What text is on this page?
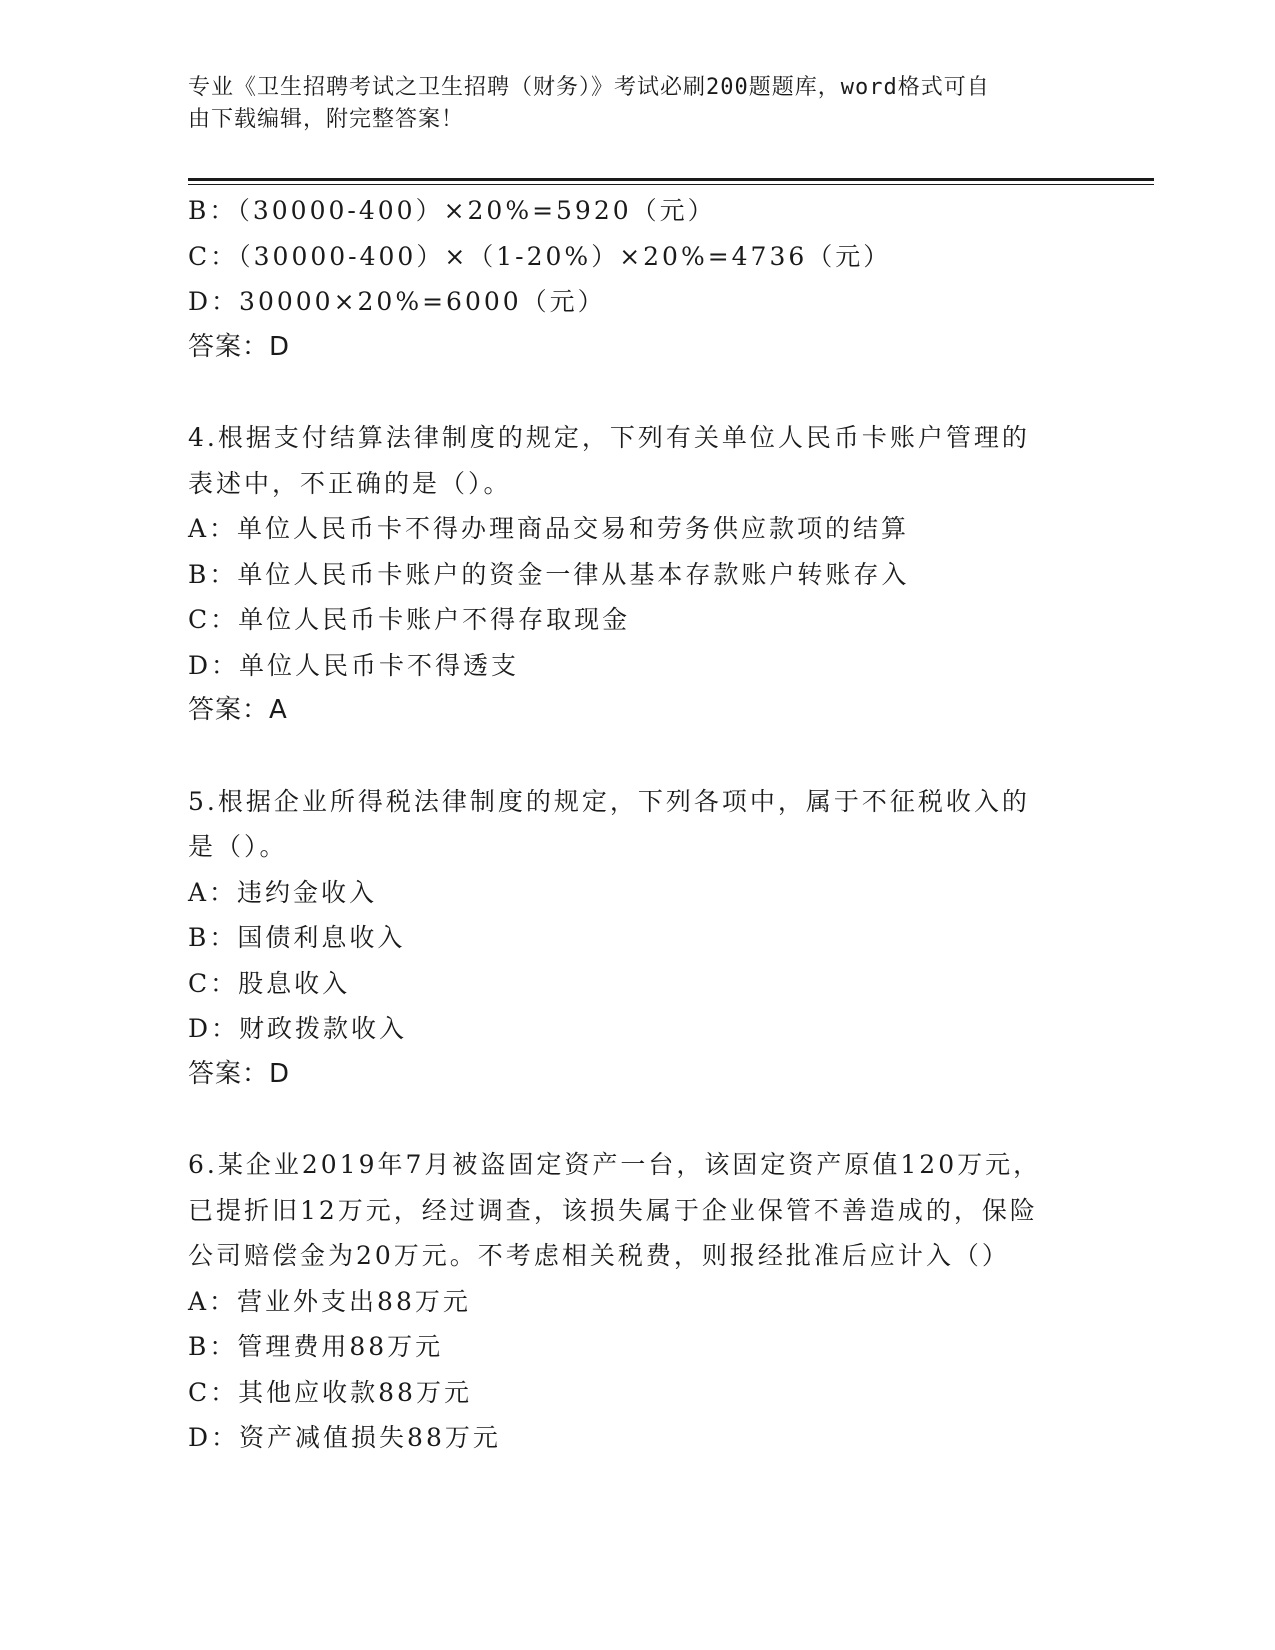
专业《卫生招聘考试之卫生招聘（财务）》考试必刷200题题库，word格式可自
由下载编辑，附完整答案！
B：（30000-400）×20%=5920（元）
C：（30000-400）×（1-20%）×20%=4736（元）
D：30000×20%=6000（元）
答案：D
4.根据支付结算法律制度的规定，下列有关单位人民币卡账户管理的
表述中，不正确的是（）。
A：单位人民币卡不得办理商品交易和劳务供应款项的结算
B：单位人民币卡账户的资金一律从基本存款账户转账存入
C：单位人民币卡账户不得存取现金
D：单位人民币卡不得透支
答案：A
5.根据企业所得税法律制度的规定，下列各项中，属于不征税收入的
是（）。
A：违约金收入
B：国债利息收入
C：股息收入
D：财政拨款收入
答案：D
6.某企业2019年7月被盗固定资产一台，该固定资产原值120万元，
已提折旧12万元，经过调查，该损失属于企业保管不善造成的，保险
公司赔偿金为20万元。不考虑相关税费，则报经批准后应计入（）
A：营业外支出88万元
B：管理费用88万元
C：其他应收款88万元
D：资产减值损失88万元
